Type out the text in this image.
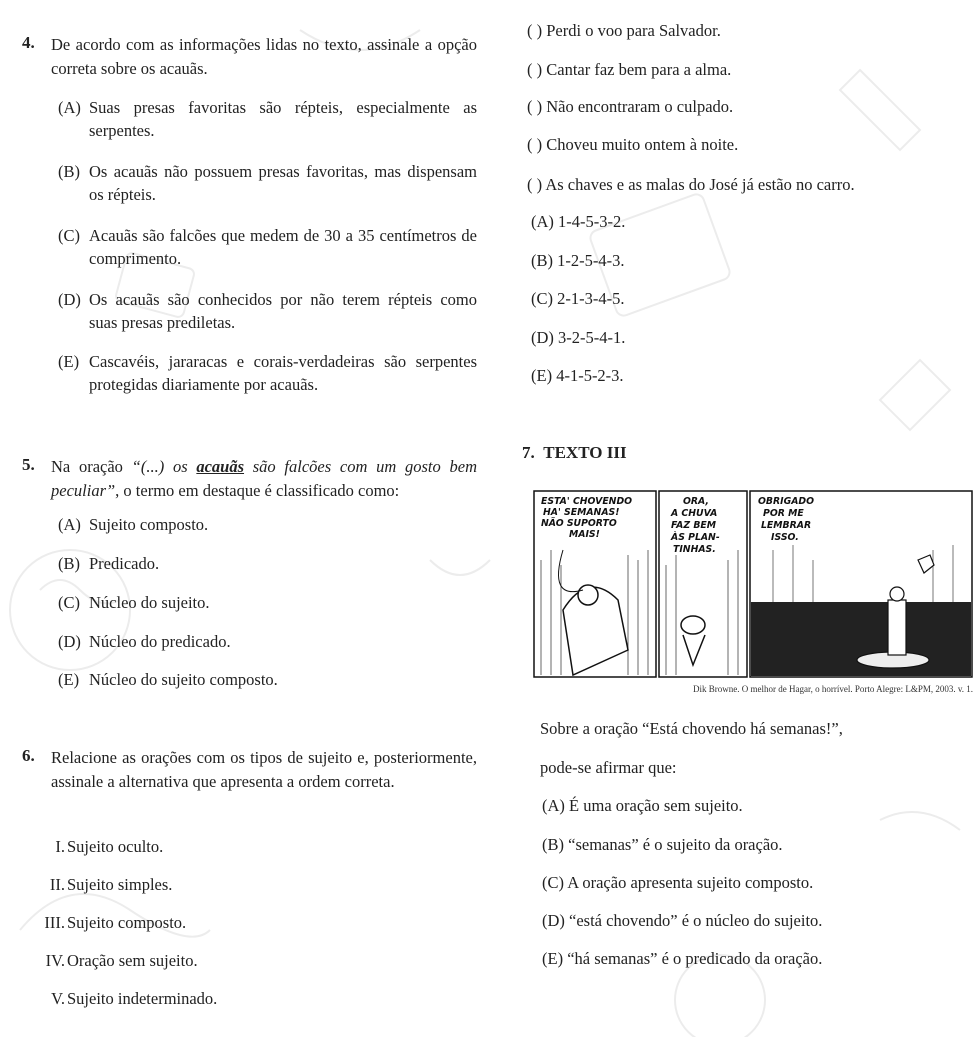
4. De acordo com as informações lidas no texto, assinale a opção correta sobre os acauãs.
(A) Suas presas favoritas são répteis, especialmente as serpentes.
(B) Os acauãs não possuem presas favoritas, mas dispensam os répteis.
(C) Acauãs são falcões que medem de 30 a 35 centímetros de comprimento.
(D) Os acauãs são conhecidos por não terem répteis como suas presas prediletas.
(E) Cascavéis, jararacas e corais-verdadeiras são serpentes protegidas diariamente por acauãs.
5. Na oração “(...) os acauãs são falcões com um gosto bem peculiar”, o termo em destaque é classificado como:
(A) Sujeito composto.
(B) Predicado.
(C) Núcleo do sujeito.
(D) Núcleo do predicado.
(E) Núcleo do sujeito composto.
6. Relacione as orações com os tipos de sujeito e, posteriormente, assinale a alternativa que apresenta a ordem correta.
I. Sujeito oculto.
II. Sujeito simples.
III. Sujeito composto.
IV. Oração sem sujeito.
V. Sujeito indeterminado.
( ) Perdi o voo para Salvador.
( ) Cantar faz bem para a alma.
( ) Não encontraram o culpado.
( ) Choveu muito ontem à noite.
( ) As chaves e as malas do José já estão no carro.
(A) 1-4-5-3-2.
(B) 1-2-5-4-3.
(C) 2-1-3-4-5.
(D) 3-2-5-4-1.
(E) 4-1-5-2-3.
7. TEXTO III
ESTA' CHOVENDO
HA' SEMANAS!
NÃO SUPORTO
MAIS!
ORA,
A CHUVA
FAZ BEM
ÀS PLAN-
TINHAS.
OBRIGADO
POR ME
LEMBRAR
ISSO.
Dik Browne. O melhor de Hagar, o horrível. Porto Alegre: L&PM, 2003. v. 1.
Sobre a oração “Está chovendo há semanas!”,
pode-se afirmar que:
(A) É uma oração sem sujeito.
(B) “semanas” é o sujeito da oração.
(C) A oração apresenta sujeito composto.
(D) “está chovendo” é o núcleo do sujeito.
(E) “há semanas” é o predicado da oração.
